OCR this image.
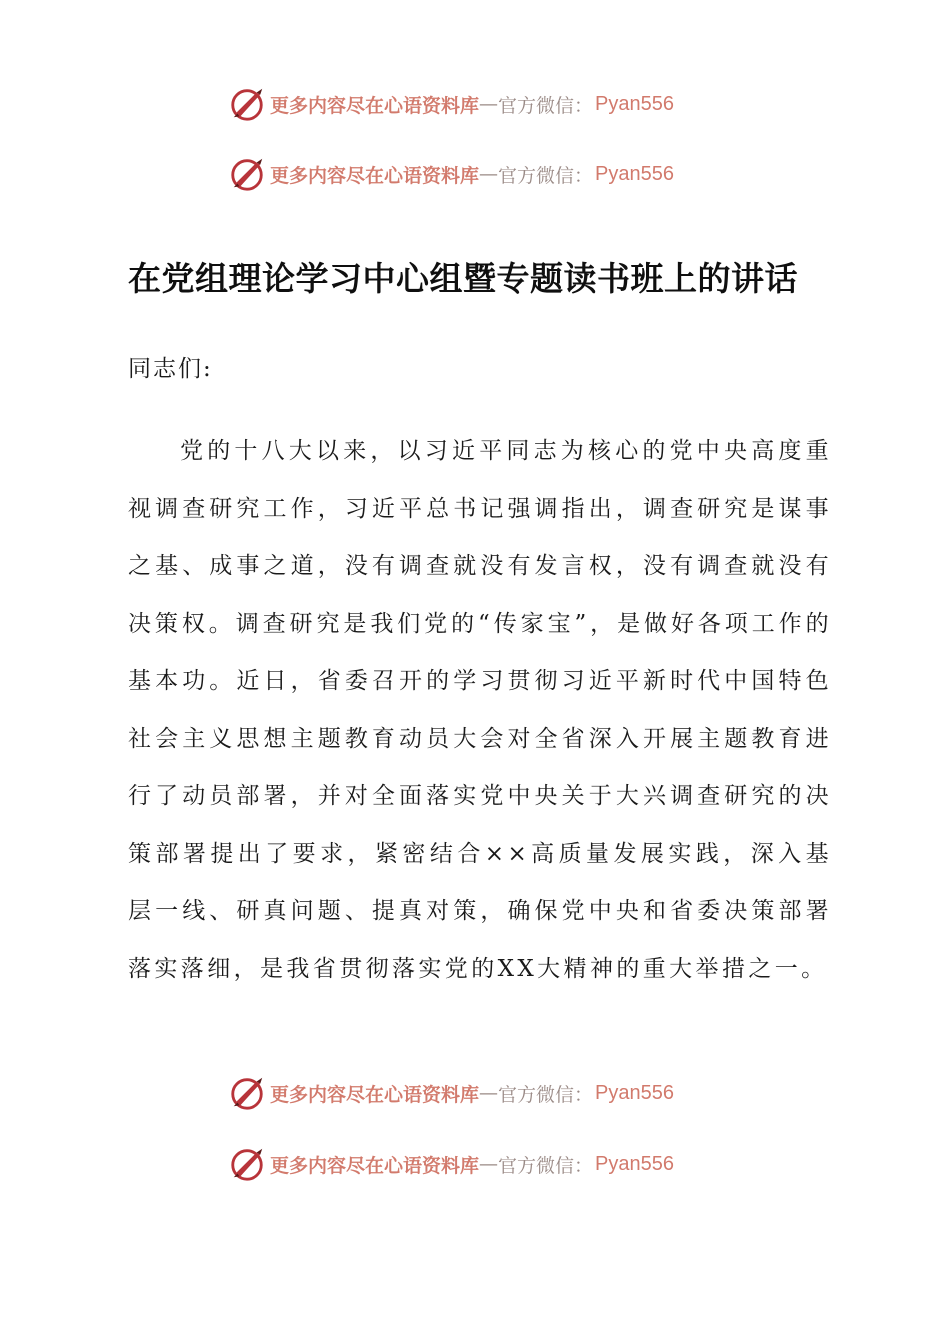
更多内容尽在心语资料库 — 官方微信： Pyan556
更多内容尽在心语资料库 — 官方微信： Pyan556
在党组理论学习中心组暨专题读书班上的讲话
同志们:
党的十八大以来，以习近平同志为核心的党中央高度重视调查研究工作，习近平总书记强调指出，调查研究是谋事之基、成事之道，没有调查就没有发言权，没有调查就没有决策权。调查研究是我们党的“传家宝”，是做好各项工作的基本功。近日，省委召开的学习贯彻习近平新时代中国特色社会主义思想主题教育动员大会对全省深入开展主题教育进行了动员部署，并对全面落实党中央关于大兴调查研究的决策部署提出了要求，紧密结合××高质量发展实践，深入基层一线、研真问题、提真对策，确保党中央和省委决策部署落实落细，是我省贯彻落实党的XX大精神的重大举措之一。
更多内容尽在心语资料库 — 官方微信： Pyan556
更多内容尽在心语资料库 — 官方微信： Pyan556
